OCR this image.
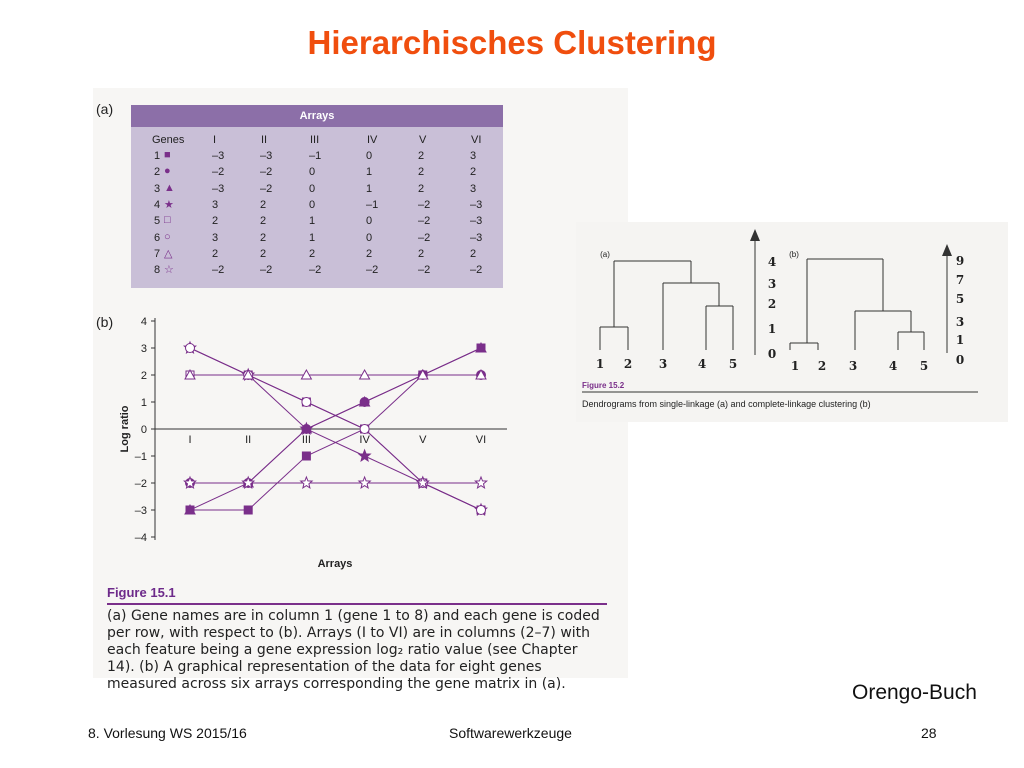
Hierarchisches Clustering
(a)	Arrays
Genes	I	II	III	IV	V	VI
1 ■	–3	–3	–1	0	2	3
2 ●	–2	–2	0	1	2	2
3 ▲	–3	–2	0	1	2	3
4 ★	3	2	0	–1	–2	–3
5 □	2	2	1	0	–2	–3
6 ○	3	2	1	0	–2	–3
7 △	2	2	2	2	2	2
8 ☆	–2	–2	–2	–2	–2	–2
(b)	4
3
2
1
0
–1
–2
–3
–4
I	II	III	IV	V	VI
Log ratio
Arrays
Figure 15.1
(a) Gene names are in column 1 (gene 1 to 8) and each gene is coded per row, with respect to (b). Arrays (I to VI) are in columns (2–7) with each feature being a gene expression log₂ ratio value (see Chapter 14). (b) A graphical representation of the data for eight genes measured across six arrays corresponding the gene matrix in (a).
(a)
1 2 3	4 5
4
3
2
1
0
(b)
1 2 3	4 5
9
7
5
3
1
0
Figure 15.2
Dendrograms from single-linkage (a) and complete-linkage clustering (b)
Orengo-Buch
8. Vorlesung WS 2015/16	Softwarewerkzeuge	28
